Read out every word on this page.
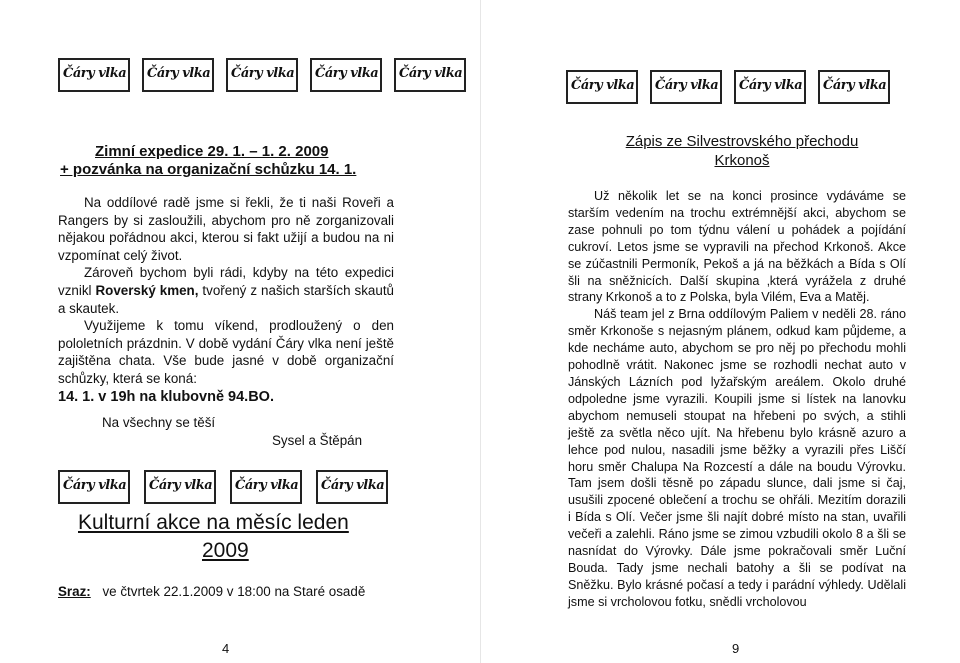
Čáry vlka Čáry vlka Čáry vlka Čáry vlka Čáry vlka
Zimní expedice 29. 1. – 1. 2. 2009
+ pozvánka na organizační schůzku 14. 1.

Na oddílové radě jsme si řekli, že ti naši Roveři a Rangers by si zasloužili, abychom pro ně zorganizovali nějakou pořádnou akci, kterou si fakt užijí a budou na ni vzpomínat celý život.

Zároveň bychom byli rádi, kdyby na této expedici vznikl Roverský kmen, tvořený z našich starších skautů a skautek.

Využijeme k tomu víkend, prodloužený o den pololetních prázdnin. V době vydání Čáry vlka není ještě zajištěna chata. Vše bude jasné v době organizační schůzky, která se koná:

14. 1. v 19h na klubovně 94.BO.
Na všechny se těší
Sysel a Štěpán
Čáry vlka Čáry vlka Čáry vlka Čáry vlka
Kulturní akce na měsíc leden
2009
Sraz: ve čtvrtek 22.1.2009 v 18:00 na Staré osadě
4
Čáry vlka Čáry vlka Čáry vlka Čáry vlka
Zápis ze Silvestrovského přechodu
Krkonoš

Už několik let se na konci prosince vydáváme se starším vedením na trochu extrémnější akci, abychom se zase pohnuli po tom týdnu válení u pohádek a pojídání cukroví. Letos jsme se vypravili na přechod Krkonoš. Akce se zúčastnili Permoník, Pekoš a já na běžkách a Bída s Olí šli na sněžnicích. Další skupina ‚která vyrážela z druhé strany Krkonoš a to z Polska, byla Vilém, Eva a Matěj.

Náš team jel z Brna oddílovým Paliem v neděli 28. ráno směr Krkonoše s nejasným plánem, odkud kam půjdeme, a kde necháme auto, abychom se pro něj po přechodu mohli pohodlně vrátit. Nakonec jsme se rozhodli nechat auto v Jánských Lázních pod lyžařským areálem. Okolo druhé odpoledne jsme vyrazili. Koupili jsme si lístek na lanovku abychom nemuseli stoupat na hřebeni po svých, a stihli ještě za světla něco ujít. Na hřebenu bylo krásně azuro a lehce pod nulou, nasadili jsme běžky a vyrazili přes Liščí horu směr Chalupa Na Rozcestí a dále na boudu Výrovku. Tam jsem došli těsně po západu slunce, dali jsme si čaj, usušili zpocené oblečení a trochu se ohřáli. Mezitím dorazili i Bída s Olí. Večer jsme šli najít dobré místo na stan, uvařili večeři a zalehli. Ráno jsme se zimou vzbudili okolo 8 a šli se nasnídat do Výrovky. Dále jsme pokračovali směr Luční Bouda. Tady jsme nechali batohy a šli se podívat na Sněžku. Bylo krásné počasí a tedy i parádní výhledy. Udělali jsme si vrcholovou fotku, snědli vrcholovou

9
